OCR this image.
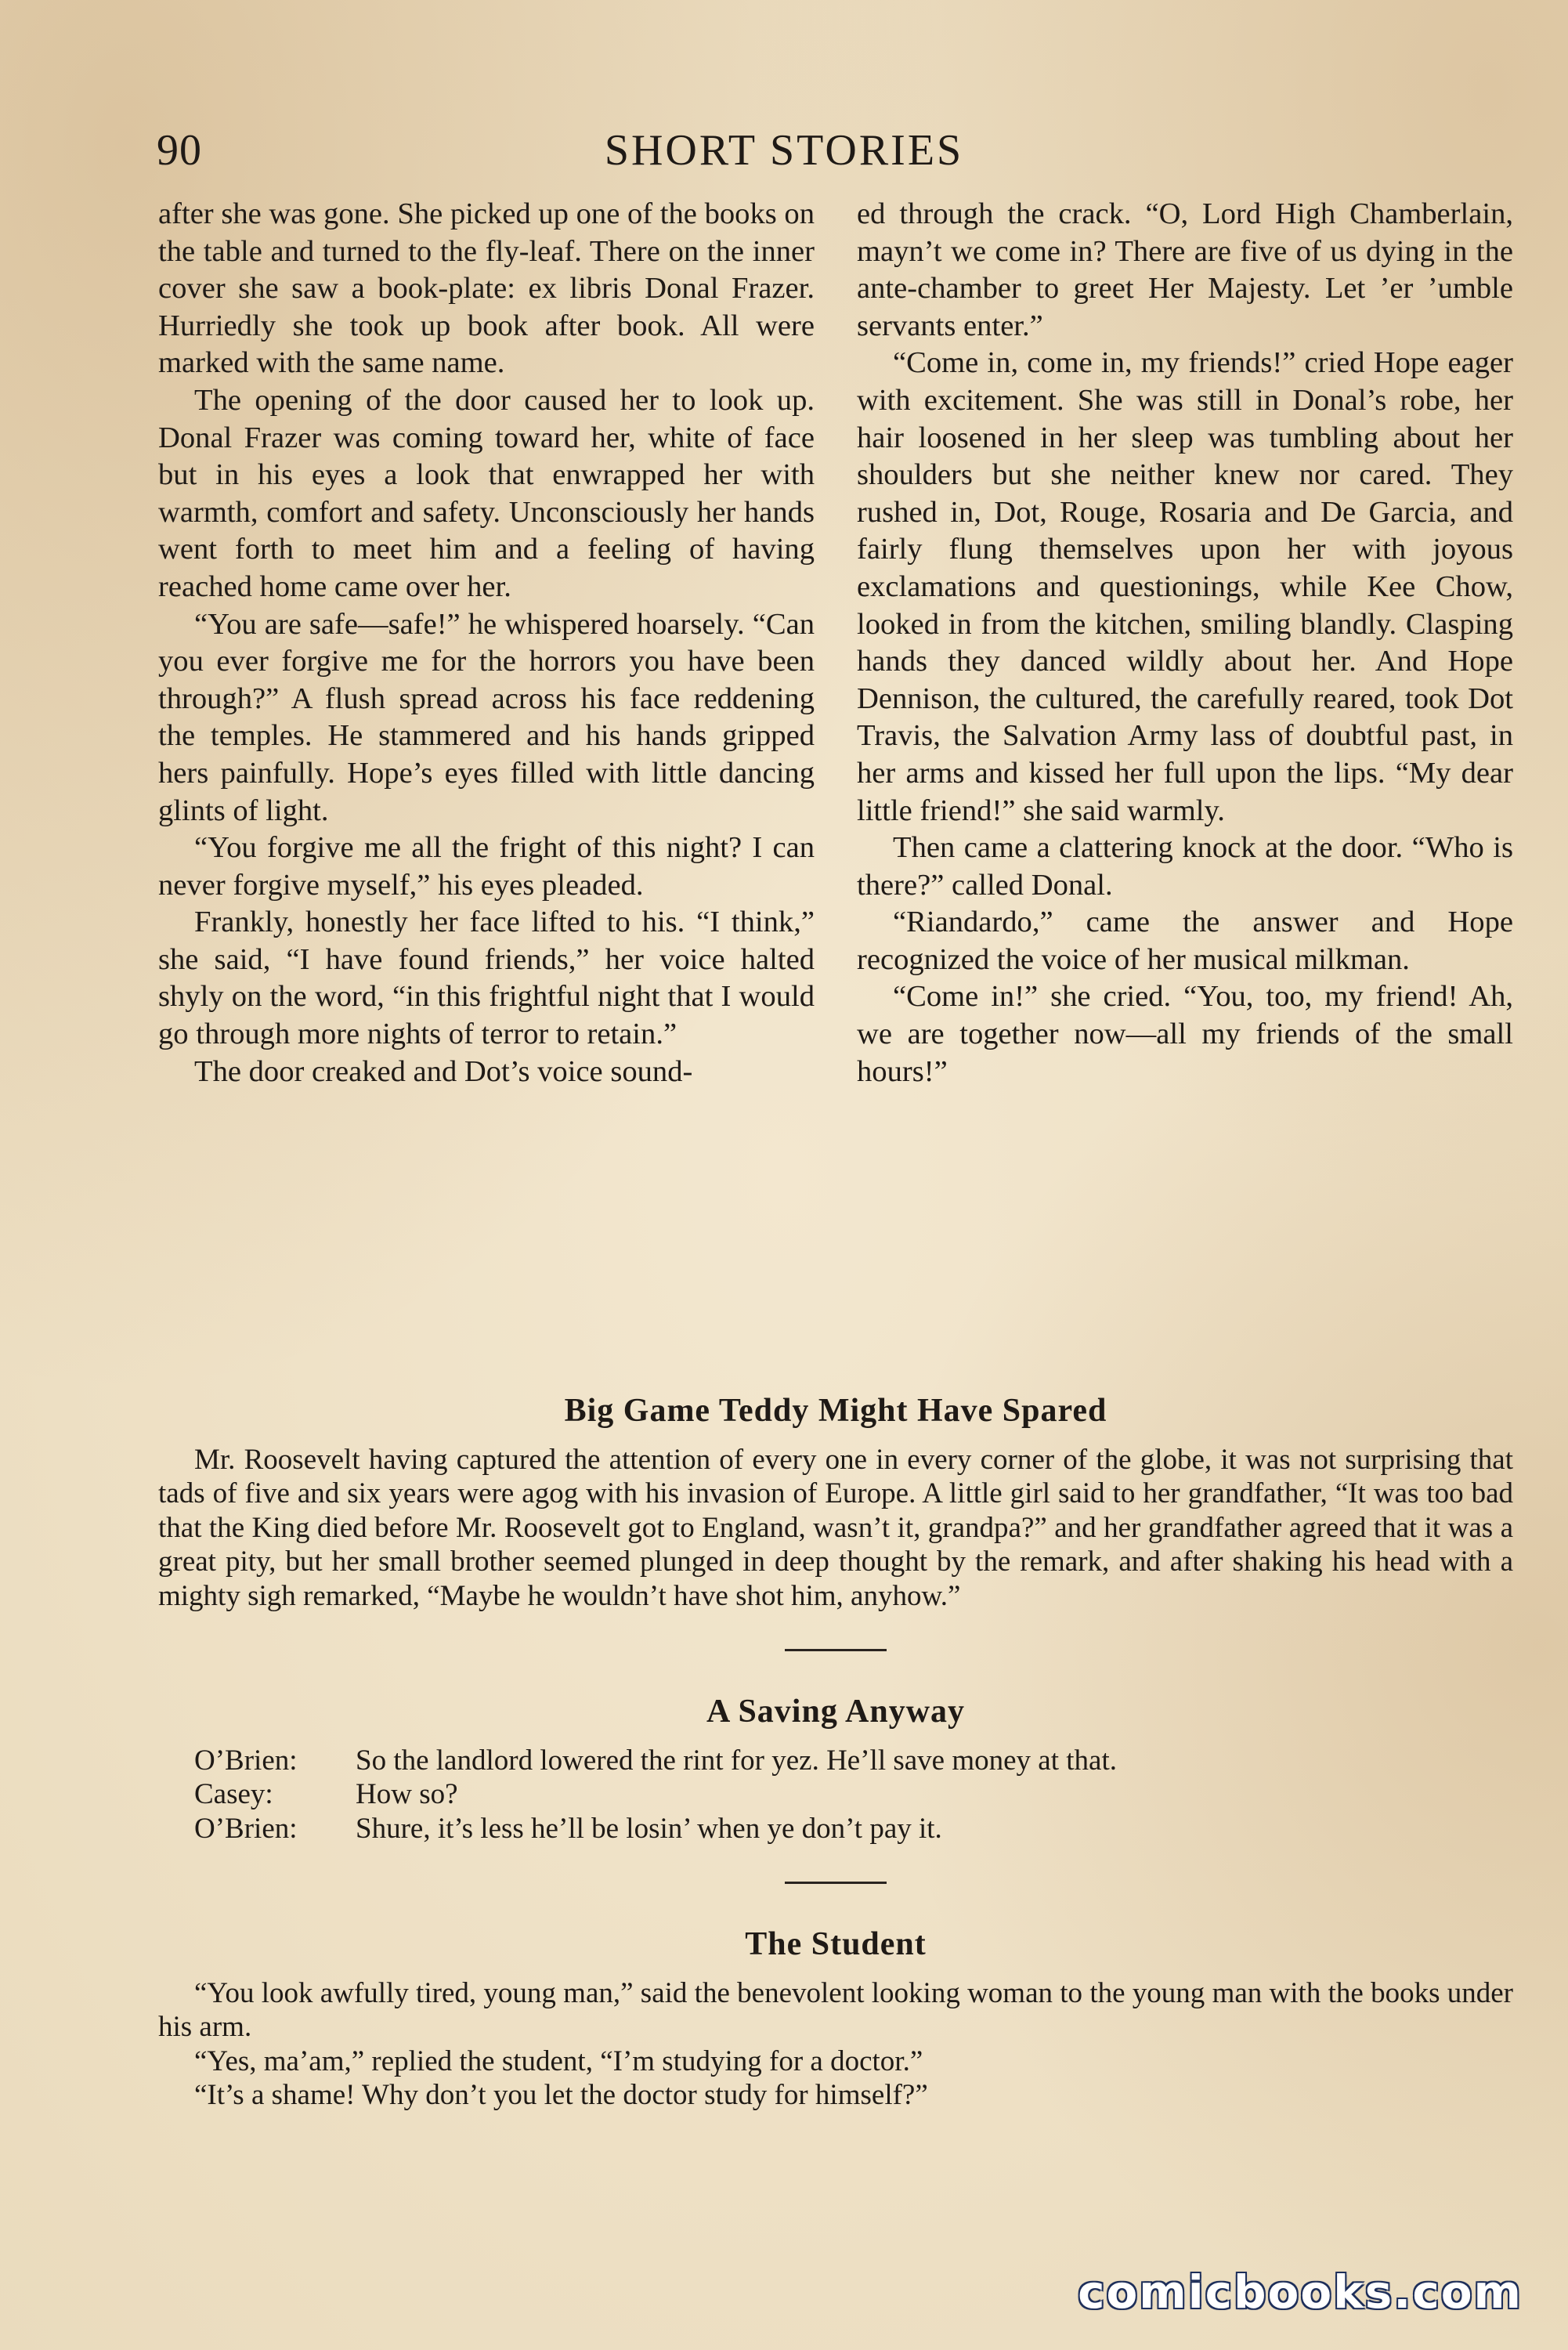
90	SHORT STORIES

after she was gone. She picked up one of the books on the table and turned to the fly-leaf. There on the inner cover she saw a book-plate: ex libris Donal Frazer. Hurriedly she took up book after book. All were marked with the same name.

The opening of the door caused her to look up. Donal Frazer was coming toward her, white of face but in his eyes a look that enwrapped her with warmth, comfort and safety. Unconsciously her hands went forth to meet him and a feeling of having reached home came over her.

“You are safe—safe!” he whispered hoarsely. “Can you ever forgive me for the horrors you have been through?” A flush spread across his face reddening the temples. He stammered and his hands gripped hers painfully. Hope’s eyes filled with little dancing glints of light.

“You forgive me all the fright of this night? I can never forgive myself,” his eyes pleaded.

Frankly, honestly her face lifted to his. “I think,” she said, “I have found friends,” her voice halted shyly on the word, “in this frightful night that I would go through more nights of terror to retain.”

The door creaked and Dot’s voice sound-

ed through the crack. “O, Lord High Chamberlain, mayn’t we come in? There are five of us dying in the ante-chamber to greet Her Majesty. Let ’er ’umble servants enter.”

“Come in, come in, my friends!” cried Hope eager with excitement. She was still in Donal’s robe, her hair loosened in her sleep was tumbling about her shoulders but she neither knew nor cared. They rushed in, Dot, Rouge, Rosaria and De Garcia, and fairly flung themselves upon her with joyous exclamations and questionings, while Kee Chow, looked in from the kitchen, smiling blandly. Clasping hands they danced wildly about her. And Hope Dennison, the cultured, the carefully reared, took Dot Travis, the Salvation Army lass of doubtful past, in her arms and kissed her full upon the lips. “My dear little friend!” she said warmly.

Then came a clattering knock at the door. “Who is there?” called Donal.

“Riandardo,” came the answer and Hope recognized the voice of her musical milkman.

“Come in!” she cried. “You, too, my friend! Ah, we are together now—all my friends of the small hours!”

Big Game Teddy Might Have Spared

Mr. Roosevelt having captured the attention of every one in every corner of the globe, it was not surprising that tads of five and six years were agog with his invasion of Europe. A little girl said to her grandfather, “It was too bad that the King died before Mr. Roosevelt got to England, wasn’t it, grandpa?” and her grandfather agreed that it was a great pity, but her small brother seemed plunged in deep thought by the remark, and after shaking his head with a mighty sigh remarked, “Maybe he wouldn’t have shot him, anyhow.”

A Saving Anyway

O’Brien: So the landlord lowered the rint for yez. He’ll save money at that.

Casey:	How so?

O’Brien: Shure, it’s less he’ll be losin’ when ye don’t pay it.

The Student

“You look awfully tired, young man,” said the benevolent looking woman to the young man with the books under his arm.

“Yes, ma’am,” replied the student, “I’m studying for a doctor.”

“It’s a shame! Why don’t you let the doctor study for himself?”

comicbooks.com
